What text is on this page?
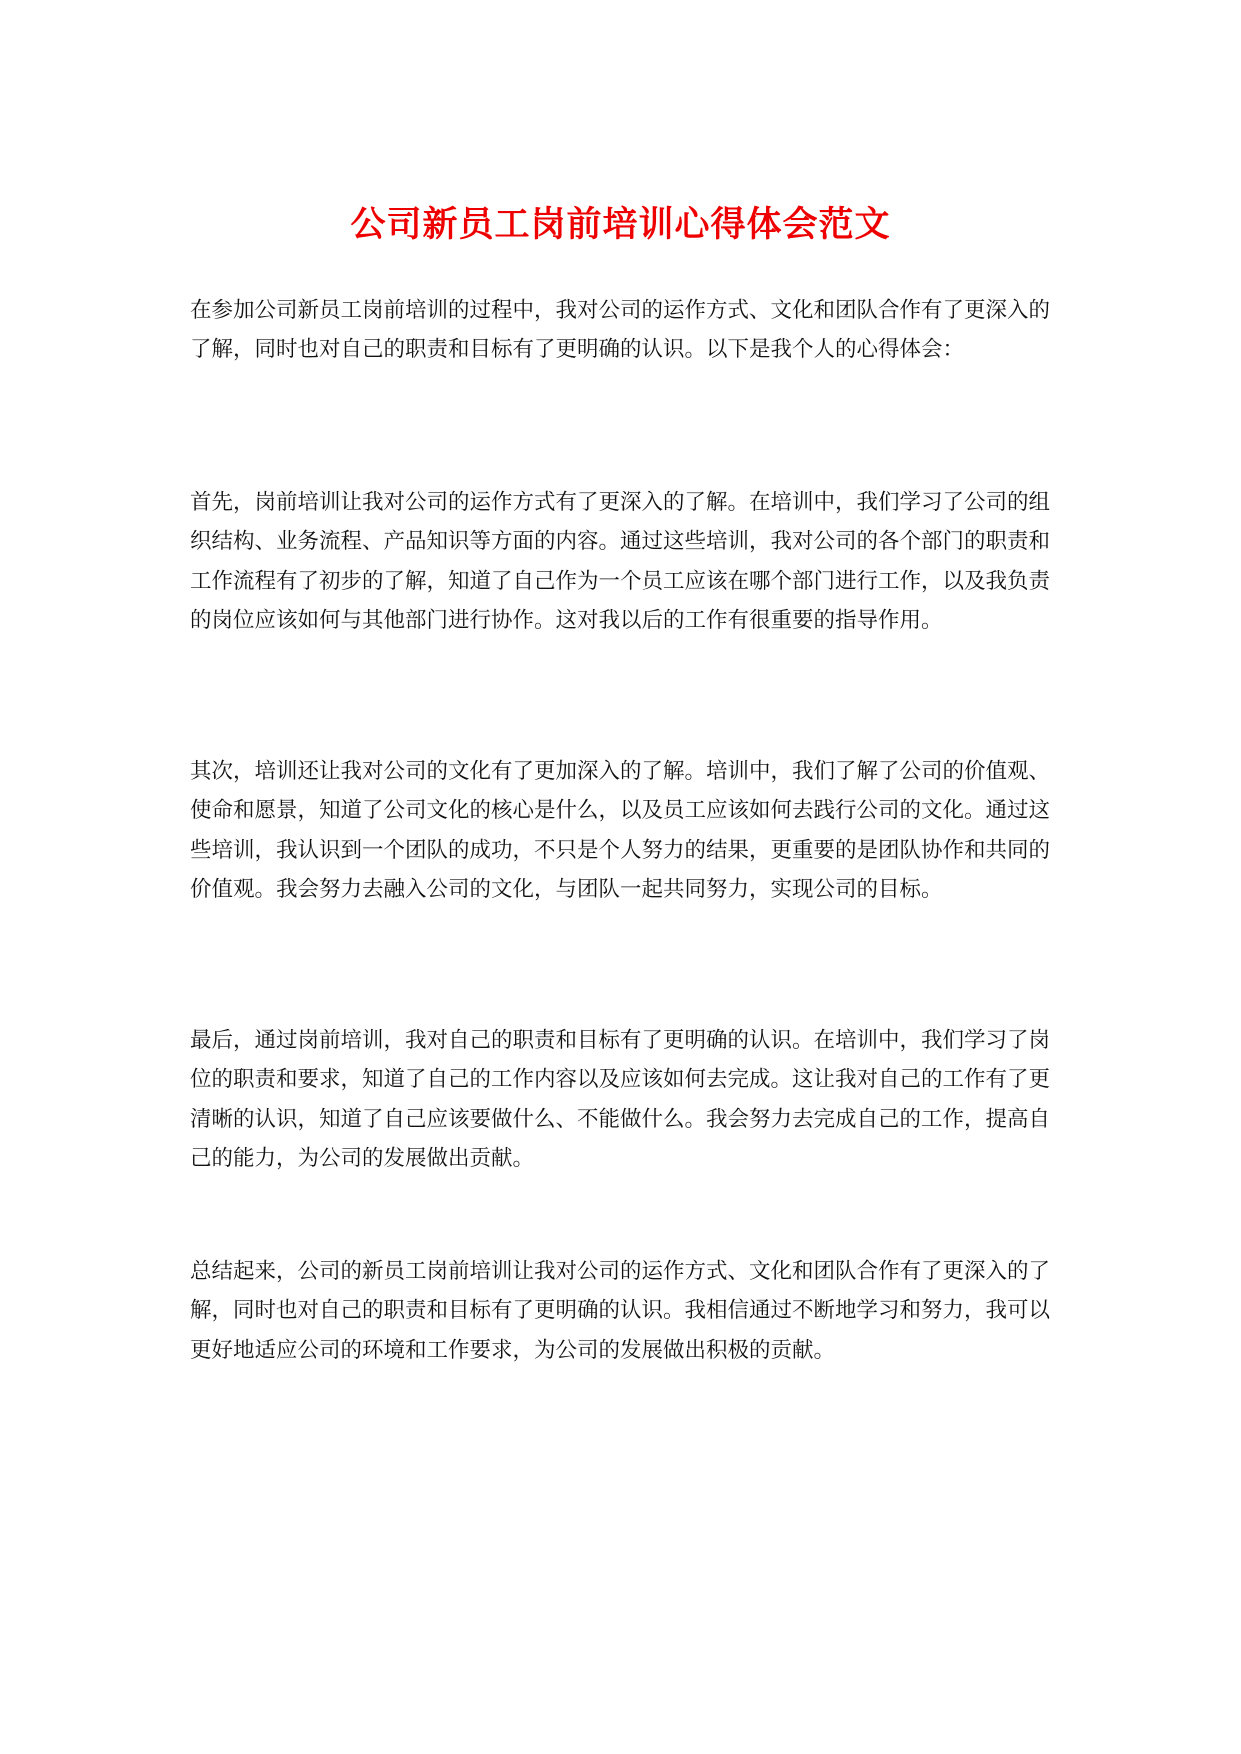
公司新员工岗前培训心得体会范文

在参加公司新员工岗前培训的过程中，我对公司的运作方式、文化和团队合作有了更深入的了解，同时也对自己的职责和目标有了更明确的认识。以下是我个人的心得体会：

首先，岗前培训让我对公司的运作方式有了更深入的了解。在培训中，我们学习了公司的组织结构、业务流程、产品知识等方面的内容。通过这些培训，我对公司的各个部门的职责和工作流程有了初步的了解，知道了自己作为一个员工应该在哪个部门进行工作，以及我负责的岗位应该如何与其他部门进行协作。这对我以后的工作有很重要的指导作用。

其次，培训还让我对公司的文化有了更加深入的了解。培训中，我们了解了公司的价值观、使命和愿景，知道了公司文化的核心是什么，以及员工应该如何去践行公司的文化。通过这些培训，我认识到一个团队的成功，不只是个人努力的结果，更重要的是团队协作和共同的价值观。我会努力去融入公司的文化，与团队一起共同努力，实现公司的目标。

最后，通过岗前培训，我对自己的职责和目标有了更明确的认识。在培训中，我们学习了岗位的职责和要求，知道了自己的工作内容以及应该如何去完成。这让我对自己的工作有了更清晰的认识，知道了自己应该要做什么、不能做什么。我会努力去完成自己的工作，提高自己的能力，为公司的发展做出贡献。

总结起来，公司的新员工岗前培训让我对公司的运作方式、文化和团队合作有了更深入的了解，同时也对自己的职责和目标有了更明确的认识。我相信通过不断地学习和努力，我可以更好地适应公司的环境和工作要求，为公司的发展做出积极的贡献。
